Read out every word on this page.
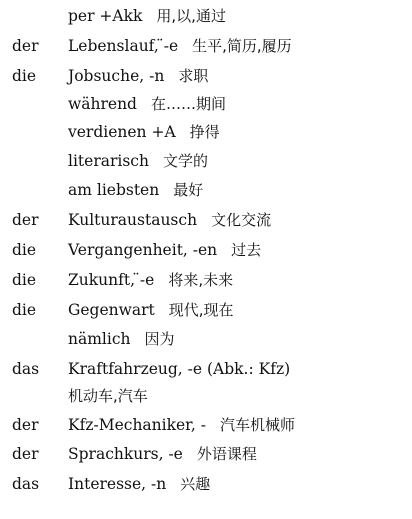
per +Akk 用,以,通过
der Lebenslauf, ̈-e 生平,简历,履历
die Jobsuche, -n 求职
während 在……期间
verdienen +A 挣得
literarisch 文学的
am liebsten 最好
der Kulturaustausch 文化交流
die Vergangenheit, -en 过去
die Zukunft, ̈-e 将来,未来
die Gegenwart 现代,现在
nämlich 因为
das Kraftfahrzeug, -e (Abk.: Kfz)
机动车,汽车
der Kfz-Mechaniker, - 汽车机械师
der Sprachkurs, -e 外语课程
das Interesse, -n 兴趣
